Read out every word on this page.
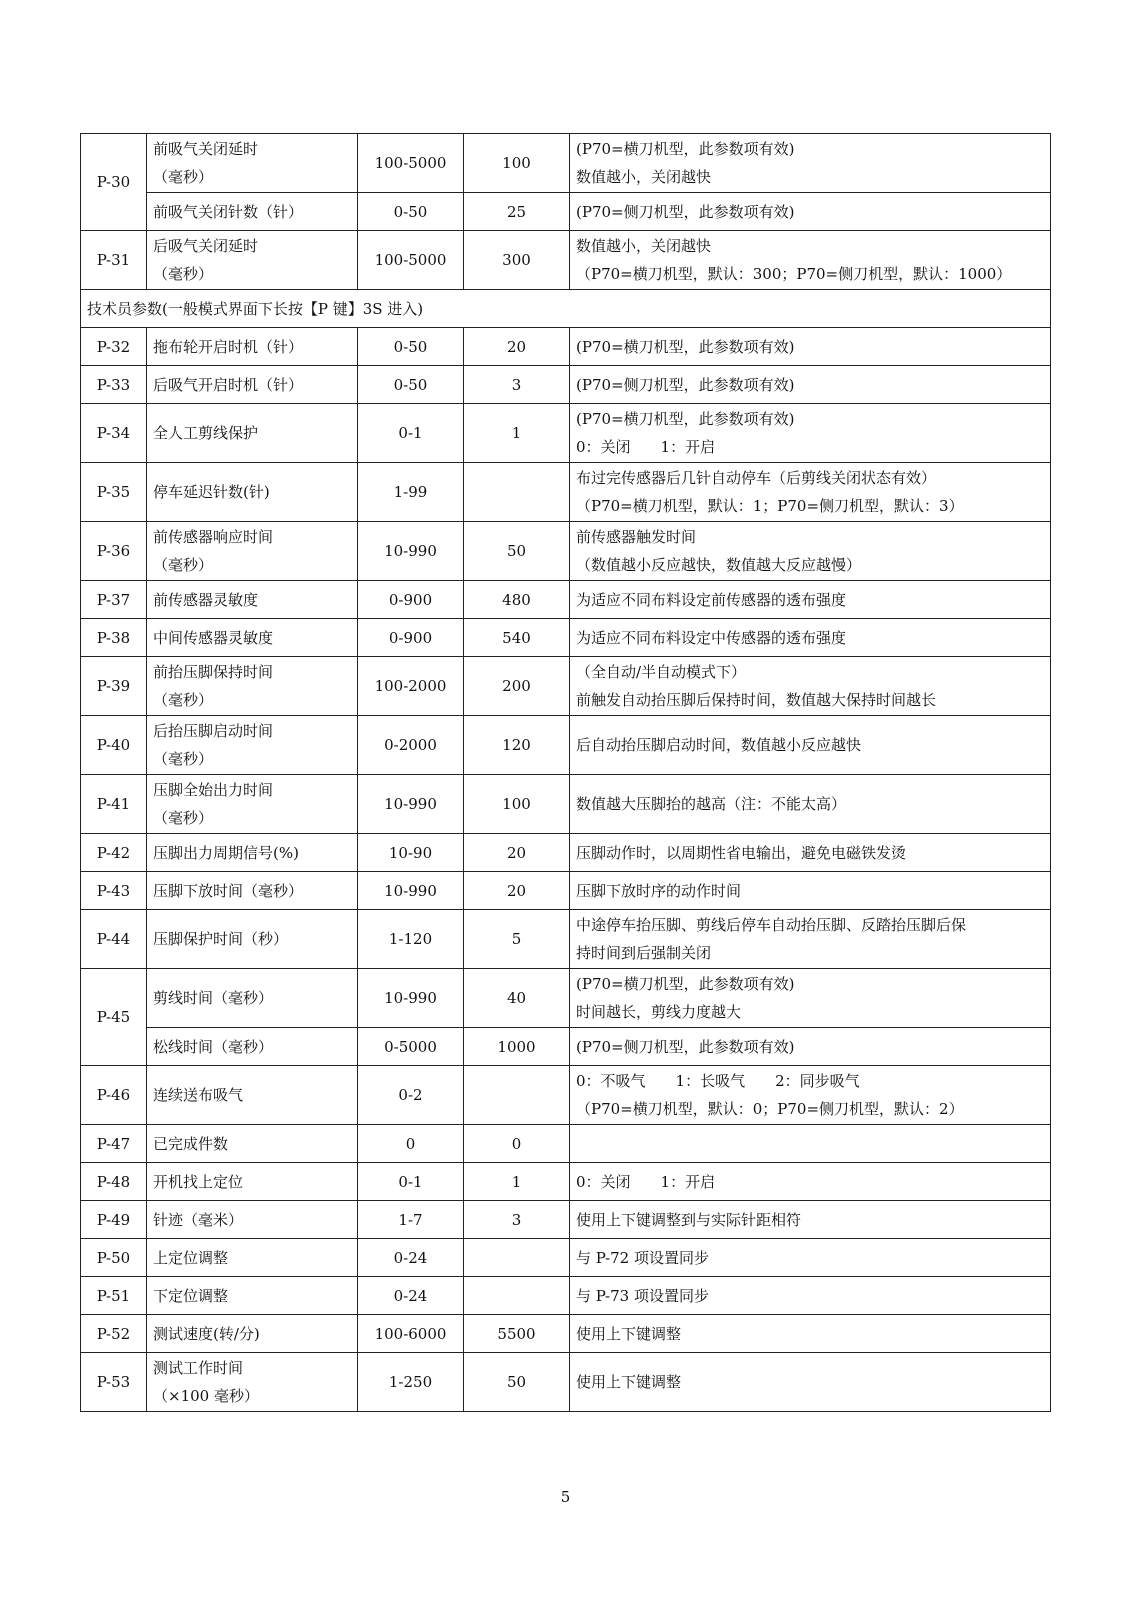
P-30	前吸气关闭延时
（毫秒）	100-5000	100	(P70=横刀机型，此参数项有效)
数值越小，关闭越快

	前吸气关闭针数（针）	0-50	25	(P70=侧刀机型，此参数项有效)
P-31	后吸气关闭延时
（毫秒）	100-5000	300	数值越小，关闭越快
（P70=横刀机型，默认：300；P70=侧刀机型，默认：1000）

技术员参数(一般模式界面下长按【P 键】3S 进入)				
P-32	拖布轮开启时机（针）	0-50	20	(P70=横刀机型，此参数项有效)
P-33	后吸气开启时机（针）	0-50	3	(P70=侧刀机型，此参数项有效)
P-34	全人工剪线保护	0-1	1	(P70=横刀机型，此参数项有效)
0：关闭　　1：开启

P-35	停车延迟针数(针)	1-99		布过完传感器后几针自动停车（后剪线关闭状态有效）
（P70=横刀机型，默认：1；P70=侧刀机型，默认：3）

P-36	前传感器响应时间
（毫秒）	10-990	50	前传感器触发时间
（数值越小反应越快，数值越大反应越慢）

P-37	前传感器灵敏度	0-900	480	为适应不同布料设定前传感器的透布强度
P-38	中间传感器灵敏度	0-900	540	为适应不同布料设定中传感器的透布强度
P-39	前抬压脚保持时间
（毫秒）	100-2000	200	（全自动/半自动模式下）
前触发自动抬压脚后保持时间，数值越大保持时间越长

P-40	后抬压脚启动时间
（毫秒）	0-2000	120	后自动抬压脚启动时间，数值越小反应越快
P-41	压脚全始出力时间
（毫秒）	10-990	100	数值越大压脚抬的越高（注：不能太高）
P-42	压脚出力周期信号(%)	10-90	20	压脚动作时，以周期性省电输出，避免电磁铁发烫
P-43	压脚下放时间（毫秒）	10-990	20	压脚下放时序的动作时间
P-44	压脚保护时间（秒）	1-120	5	中途停车抬压脚、剪线后停车自动抬压脚、反踏抬压脚后保
持时间到后强制关闭

P-45	剪线时间（毫秒）	10-990	40	(P70=横刀机型，此参数项有效)
时间越长，剪线力度越大

	松线时间（毫秒）	0-5000	1000	(P70=侧刀机型，此参数项有效)
P-46	连续送布吸气	0-2		0：不吸气　　1：长吸气　　2：同步吸气
（P70=横刀机型，默认：0；P70=侧刀机型，默认：2）

P-47	已完成件数	0	0	
P-48	开机找上定位	0-1	1	0：关闭　　1：开启
P-49	针迹（毫米）	1-7	3	使用上下键调整到与实际针距相符
P-50	上定位调整	0-24		与 P-72 项设置同步
P-51	下定位调整	0-24		与 P-73 项设置同步
P-52	测试速度(转/分)	100-6000	5500	使用上下键调整
P-53	测试工作时间
（×100 毫秒）	1-250	50	使用上下键调整
5
